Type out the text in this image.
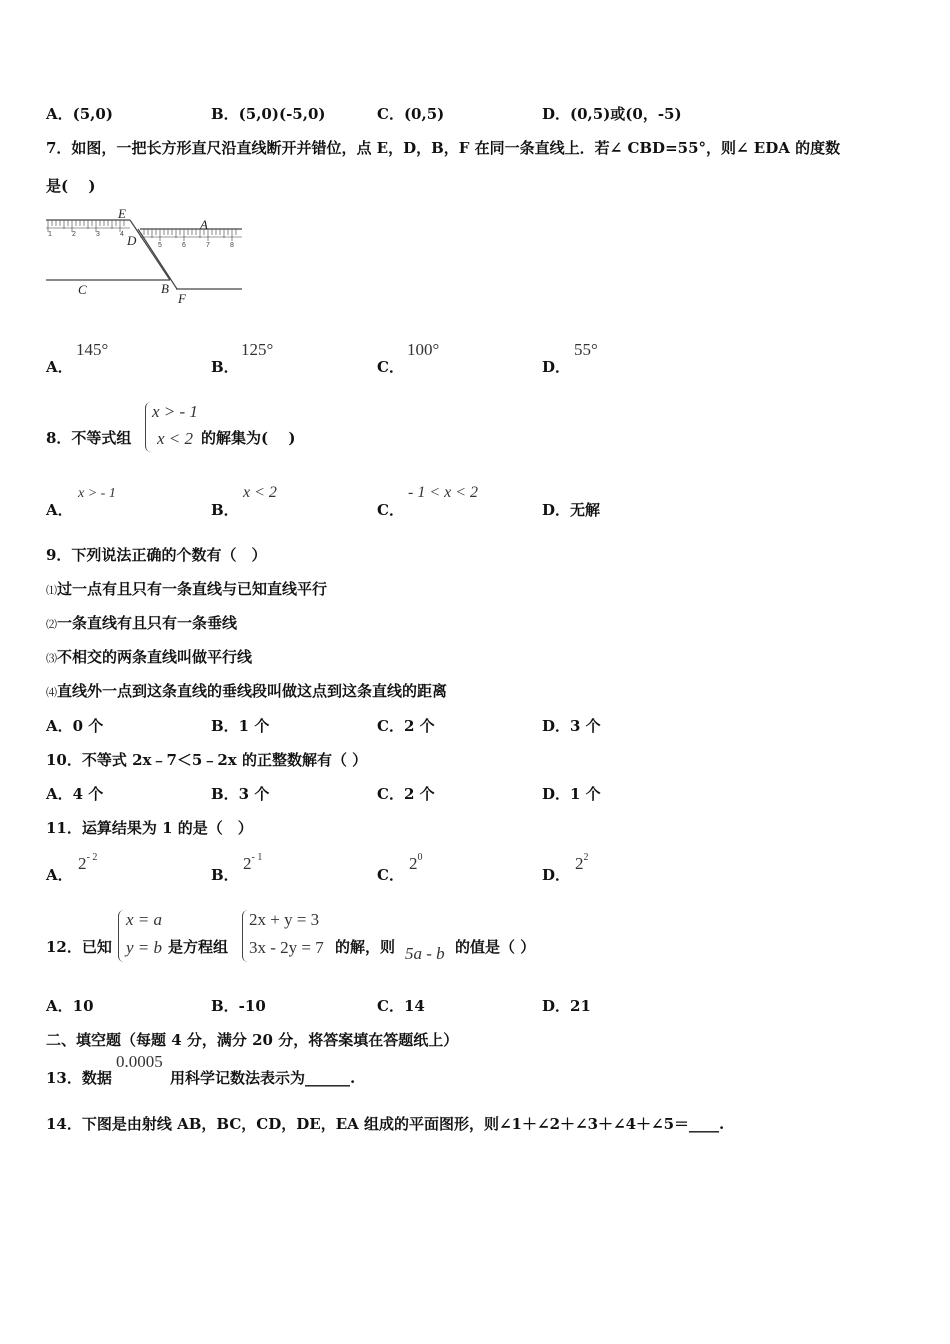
A．(5,0)	B．(5,0)(-5,0)	C．(0,5)	D．(0,5)或(0，-5)
7．如图，一把长方形直尺沿直线断开并错位，点 E，D，B，F 在同一条直线上．若∠ CBD=55°，则∠ EDA 的度数
是(　 )
1	2	3	4
5	6	7	8
E
D
A
C	B
F
A．
145°
B．
125°
C．
100°
D．
55°
8．不等式组
x > - 1
x < 2 的解集为(　 )
A．
x > - 1
B．
x < 2
C．
- 1 < x < 2
D．无解
9．下列说法正确的个数有（　）
⑴过一点有且只有一条直线与已知直线平行
⑵一条直线有且只有一条垂线
⑶不相交的两条直线叫做平行线
⑷直线外一点到这条直线的垂线段叫做这点到这条直线的距离
A．0 个	B．1 个	C．2 个	D．3 个
10．不等式 2x﹣7＜5﹣2x 的正整数解有（ ）
A．4 个	B．3 个	C．2 个	D．1 个
11．运算结果为 1 的是（　）
A．
$2^{- 2}$
B．
$2^{- 1}$
C．
$2^0$
D．
$2^2$
12．已知
x = a
y = b 是方程组
2x + y = 3
3x - 2y = 7 的解，则 5a - b 的值是（ ）
A．10	B．-10	C．14	D．21
二、填空题（每题 4 分，满分 20 分，将答案填在答题纸上）
13．数据
0.0005
用科学记数法表示为______.
14．下图是由射线 AB，BC，CD，DE，EA 组成的平面图形，则∠1＋∠2＋∠3＋∠4＋∠5＝____.
